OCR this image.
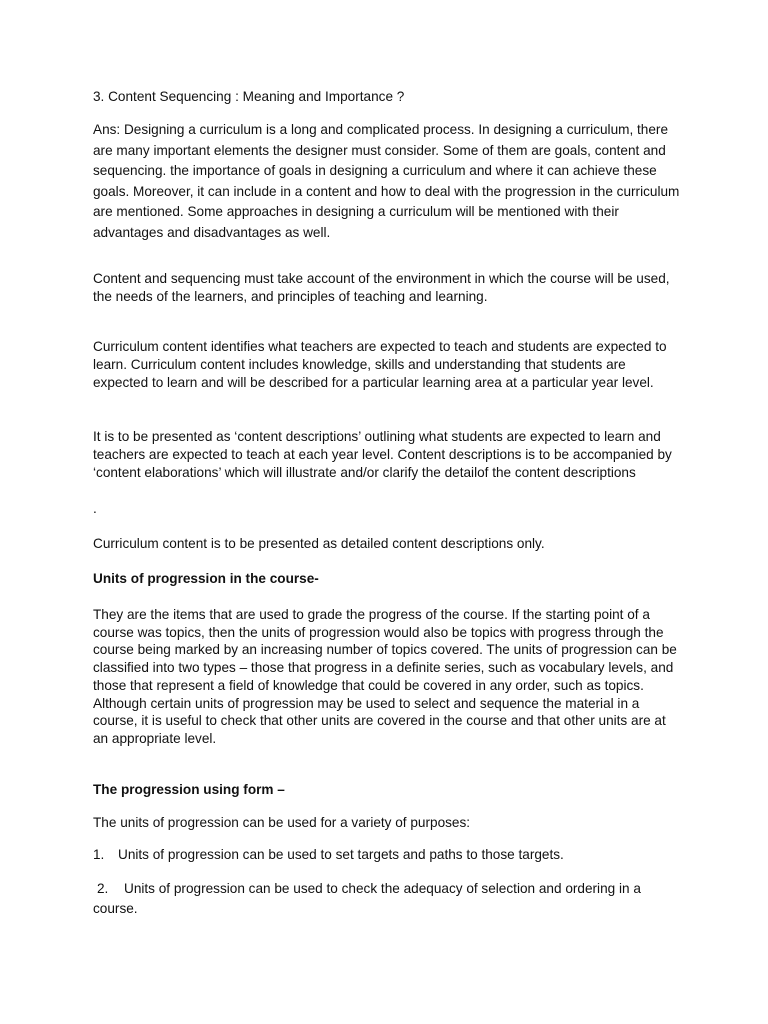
3. Content Sequencing : Meaning and Importance ?

Ans: Designing a curriculum is a long and complicated process. In designing a curriculum, there are many important elements the designer must consider. Some of them are goals, content and sequencing. the importance of goals in designing a curriculum and where it can achieve these goals. Moreover, it can include in a content and how to deal with the progression in the curriculum are mentioned. Some approaches in designing a curriculum will be mentioned with their advantages and disadvantages as well.

Content and sequencing must take account of the environment in which the course will be used, the needs of the learners, and principles of teaching and learning.

Curriculum content identifies what teachers are expected to teach and students are expected to learn. Curriculum content includes knowledge, skills and understanding that students are expected to learn and will be described for a particular learning area at a particular year level.

It is to be presented as ‘content descriptions’ outlining what students are expected to learn and teachers are expected to teach at each year level. Content descriptions is to be accompanied by ‘content elaborations’ which will illustrate and/or clarify the detailof the content descriptions

.

Curriculum content is to be presented as detailed content descriptions only.

Units of progression in the course-

They are the items that are used to grade the progress of the course. If the starting point of a course was topics, then the units of progression would also be topics with progress through the course being marked by an increasing number of topics covered. The units of progression can be classified into two types – those that progress in a definite series, such as vocabulary levels, and those that represent a field of knowledge that could be covered in any order, such as topics. Although certain units of progression may be used to select and sequence the material in a course, it is useful to check that other units are covered in the course and that other units are at an appropriate level.

The progression using form –

The units of progression can be used for a variety of purposes:

1. Units of progression can be used to set targets and paths to those targets.

2. Units of progression can be used to check the adequacy of selection and ordering in a course.
